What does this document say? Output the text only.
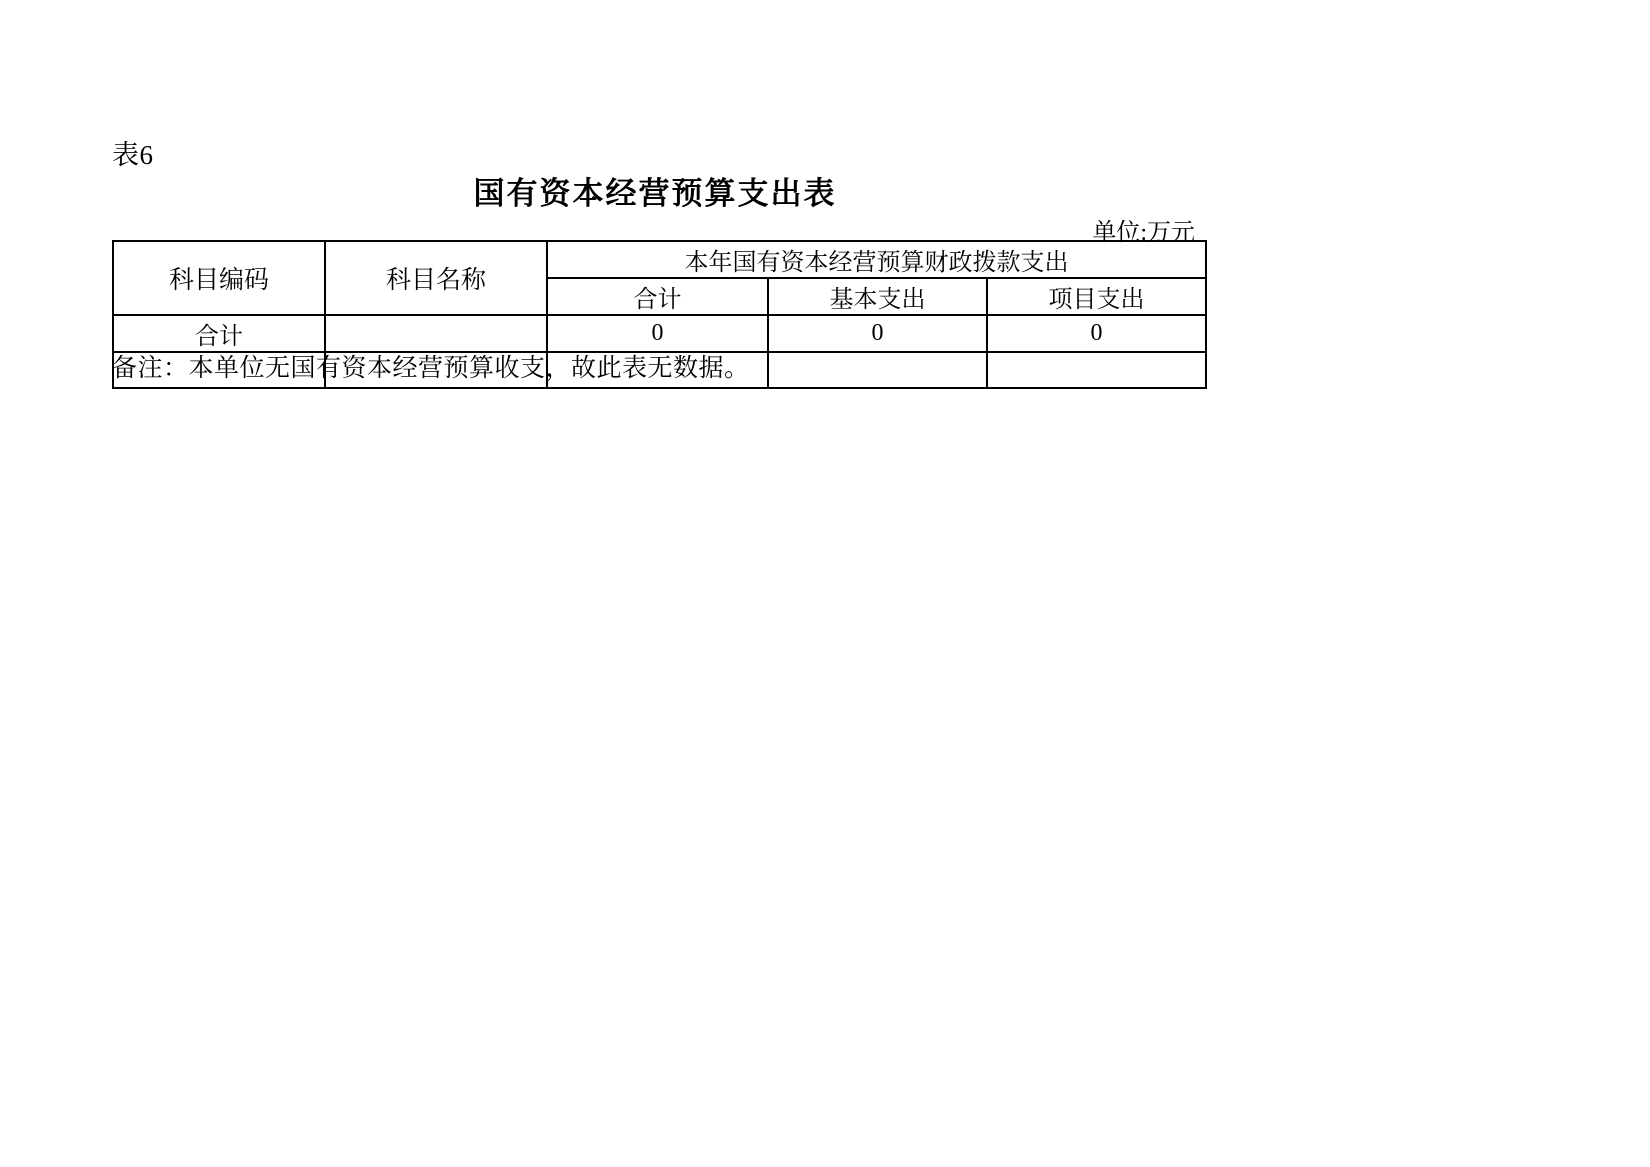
表6
国有资本经营预算支出表
单位:万元
科目编码	科目名称	本年国有资本经营预算财政拨款支出		
		合计	基本支出	项目支出
合计		0	0	0

备注：本单位无国有资本经营预算收支，故此表无数据。
